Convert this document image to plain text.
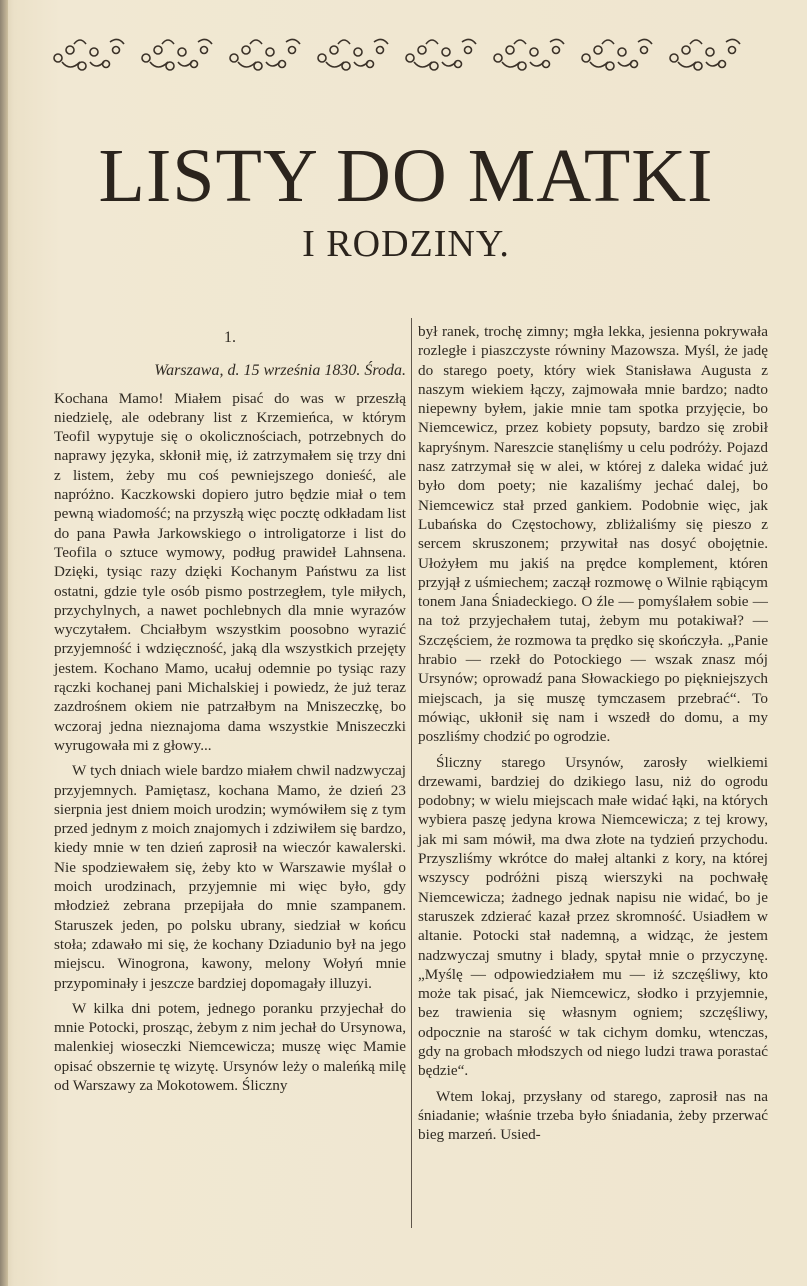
LISTY DO MATKI
I RODZINY.
1.
Warszawa, d. 15 września 1830. Środa.

Kochana Mamo! Miałem pisać do was w przeszłą niedzielę, ale odebrany list z Krzemieńca, w którym Teofil wypytuje się o okolicznościach, potrzebnych do naprawy języka, skłonił mię, iż zatrzymałem się trzy dni z listem, żeby mu coś pewniejszego donieść, ale napróżno. Kaczkowski dopiero jutro będzie miał o tem pewną wiadomość; na przyszłą więc pocztę odkładam list do pana Pawła Jarkowskiego o introligatorze i list do Teofila o sztuce wymowy, podług prawideł Lahnsena. Dzięki, tysiąc razy dzięki Kochanym Państwu za list ostatni, gdzie tyle osób pismo postrzegłem, tyle miłych, przychylnych, a nawet pochlebnych dla mnie wyrazów wyczytałem. Chciałbym wszystkim poosobno wyrazić przyjemność i wdzięczność, jaką dla wszystkich przejęty jestem. Kochano Mamo, ucałuj odemnie po tysiąc razy rączki kochanej pani Michalskiej i powiedz, że już teraz zazdrośnem okiem nie patrzałbym na Mniszeczkę, bo wczoraj jedna nieznajoma dama wszystkie Mniszeczki wyrugowała mi z głowy...

W tych dniach wiele bardzo miałem chwil nadzwyczaj przyjemnych. Pamiętasz, kochana Mamo, że dzień 23 sierpnia jest dniem moich urodzin; wymówiłem się z tym przed jednym z moich znajomych i zdziwiłem się bardzo, kiedy mnie w ten dzień zaprosił na wieczór kawalerski. Nie spodziewałem się, żeby kto w Warszawie myślał o moich urodzinach, przyjemnie mi więc było, gdy młodzież zebrana przepijała do mnie szampanem. Staruszek jeden, po polsku ubrany, siedział w końcu stoła; zdawało mi się, że kochany Dziadunio był na jego miejscu. Winogrona, kawony, melony Wołyń mnie przypominały i jeszcze bardziej dopomagały illuzyi.

W kilka dni potem, jednego poranku przyjechał do mnie Potocki, prosząc, żebym z nim jechał do Ursynowa, malenkiej wioseczki Niemcewicza; muszę więc Mamie opisać obszernie tę wizytę. Ursynów leży o maleńką milę od Warszawy za Mokotowem. Śliczny

był ranek, trochę zimny; mgła lekka, jesienna pokrywała rozległe i piaszczyste równiny Mazowsza. Myśl, że jadę do starego poety, który wiek Stanisława Augusta z naszym wiekiem łączy, zajmowała mnie bardzo; nadto niepewny byłem, jakie mnie tam spotka przyjęcie, bo Niemcewicz, przez kobiety popsuty, bardzo się zrobił kapryśnym. Nareszcie stanęliśmy u celu podróży. Pojazd nasz zatrzymał się w alei, w której z daleka widać już było dom poety; nie kazaliśmy jechać dalej, bo Niemcewicz stał przed gankiem. Podobnie więc, jak Lubańska do Częstochowy, zbliżaliśmy się pieszo z sercem skruszonem; przywitał nas dosyć obojętnie. Ułożyłem mu jakiś na prędce komplement, któren przyjął z uśmiechem; zaczął rozmowę o Wilnie rąbiącym tonem Jana Śniadeckiego. O źle — pomyślałem sobie — na toż przyjechałem tutaj, żebym mu potakiwał? — Szczęściem, że rozmowa ta prędko się skończyła. „Panie hrabio — rzekł do Potockiego — wszak znasz mój Ursynów; oprowadź pana Słowackiego po piękniejszych miejscach, ja się muszę tymczasem przebrać“. To mówiąc, ukłonił się nam i wszedł do domu, a my poszliśmy chodzić po ogrodzie.

Śliczny starego Ursynów, zarosły wielkiemi drzewami, bardziej do dzikiego lasu, niż do ogrodu podobny; w wielu miejscach małe widać łąki, na których wybiera paszę jedyna krowa Niemcewicza; z tej krowy, jak mi sam mówił, ma dwa złote na tydzień przychodu. Przyszliśmy wkrótce do małej altanki z kory, na której wszyscy podróżni piszą wierszyki na pochwałę Niemcewicza; żadnego jednak napisu nie widać, bo je staruszek zdzierać kazał przez skromność. Usiadłem w altanie. Potocki stał nademną, a widząc, że jestem nadzwyczaj smutny i blady, spytał mnie o przyczynę. „Myślę — odpowiedziałem mu — iż szczęśliwy, kto może tak pisać, jak Niemcewicz, słodko i przyjemnie, bez trawienia się własnym ogniem; szczęśliwy, odpocznie na starość w tak cichym domku, wtenczas, gdy na grobach młodszych od niego ludzi trawa porastać będzie“.

Wtem lokaj, przysłany od starego, zaprosił nas na śniadanie; właśnie trzeba było śniadania, żeby przerwać bieg marzeń. Usied-
